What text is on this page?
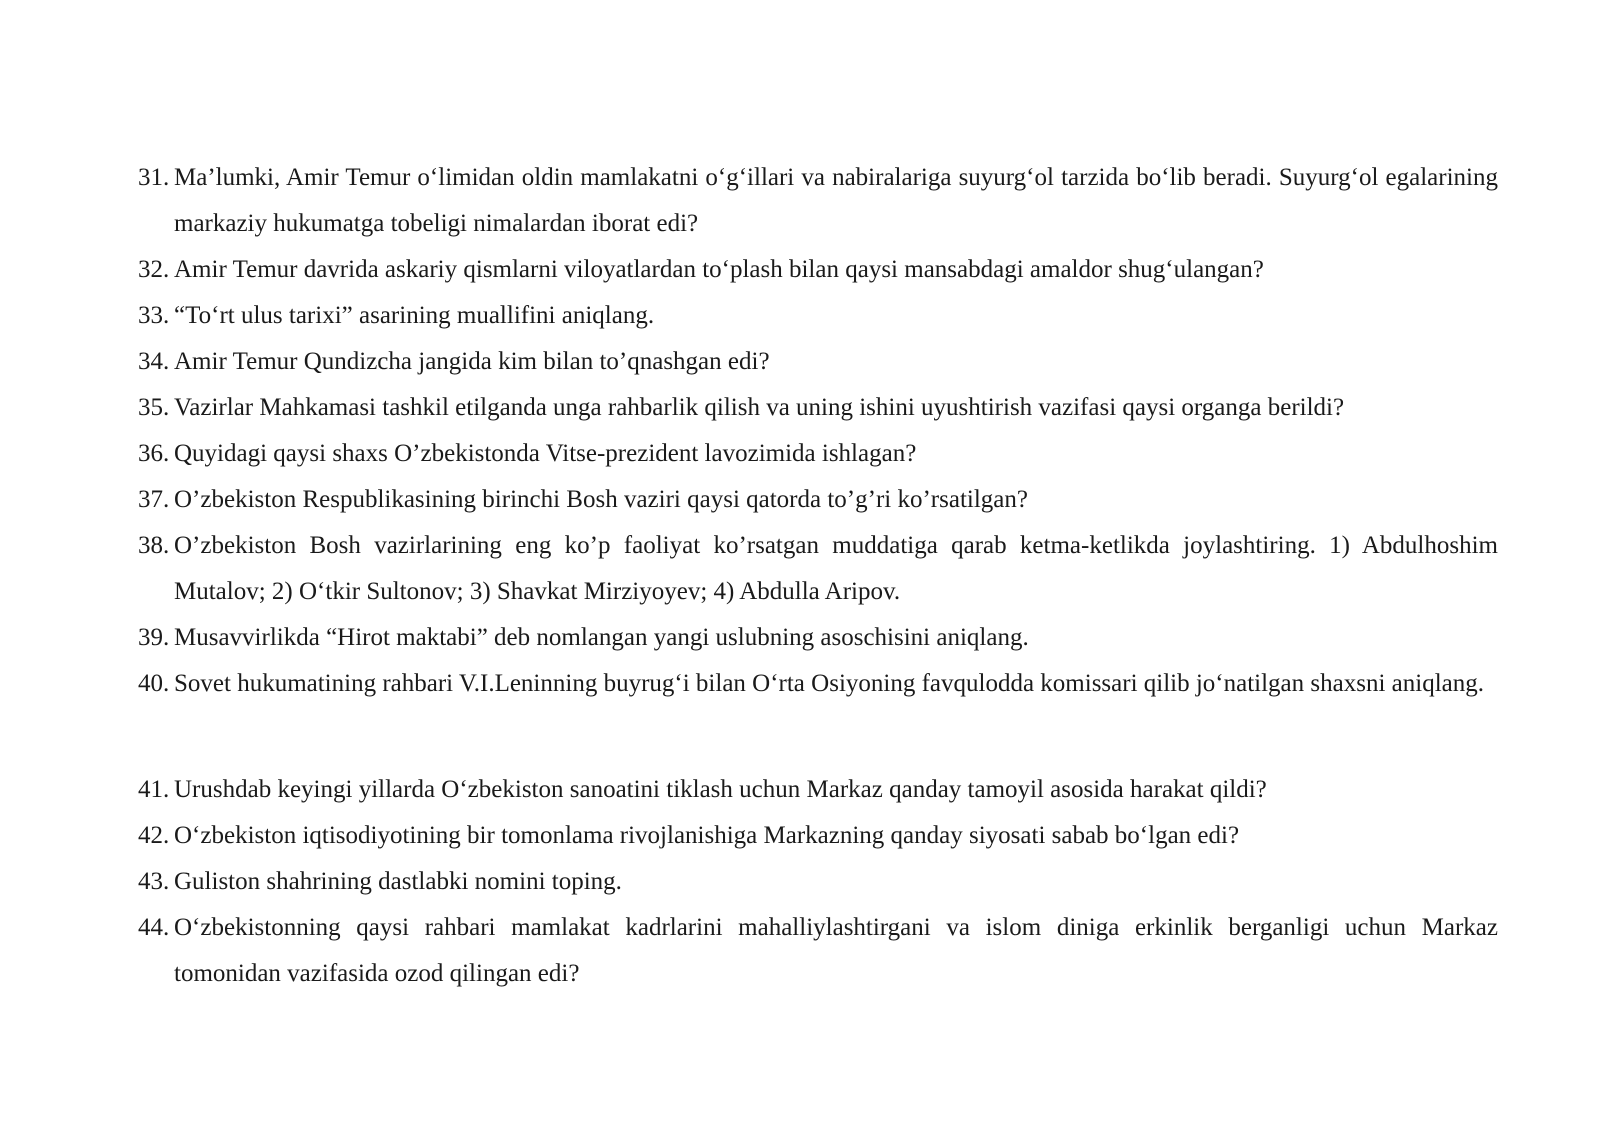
31. Ma’lumki, Amir Temur o‘limidan oldin mamlakatni o‘g‘illari va nabiralariga suyurg‘ol tarzida bo‘lib beradi. Suyurg‘ol egalarining markaziy hukumatga tobeligi nimalardan iborat edi?
32. Amir Temur davrida askariy qismlarni viloyatlardan to‘plash bilan qaysi mansabdagi amaldor shug‘ulangan?
33. “To‘rt ulus tarixi” asarining muallifini aniqlang.
34. Amir Temur Qundizcha jangida kim bilan to’qnashgan edi?
35. Vazirlar Mahkamasi tashkil etilganda unga rahbarlik qilish va uning ishini uyushtirish vazifasi qaysi organga berildi?
36. Quyidagi qaysi shaxs O’zbekistonda Vitse-prezident lavozimida ishlagan?
37. O’zbekiston Respublikasining birinchi Bosh vaziri qaysi qatorda to’g’ri ko’rsatilgan?
38. O’zbekiston Bosh vazirlarining eng ko’p faoliyat ko’rsatgan muddatiga qarab ketma-ketlikda joylashtiring. 1) Abdulhoshim Mutalov; 2) O‘tkir Sultonov; 3) Shavkat Mirziyoyev; 4) Abdulla Aripov.
39. Musavvirlikda “Hirot maktabi” deb nomlangan yangi uslubning asoschisini aniqlang.
40. Sovet hukumatining rahbari V.I.Leninning buyrug‘i bilan O‘rta Osiyoning favqulodda komissari qilib jo‘natilgan shaxsni aniqlang.
41. Urushdab keyingi yillarda O‘zbekiston sanoatini tiklash uchun Markaz qanday tamoyil asosida harakat qildi?
42. O‘zbekiston iqtisodiyotining bir tomonlama rivojlanishiga Markazning qanday siyosati sabab bo‘lgan edi?
43. Guliston shahrining dastlabki nomini toping.
44. O‘zbekistonning qaysi rahbari mamlakat kadrlarini mahalliylashtirgani va islom diniga erkinlik berganligi uchun Markaz tomonidan vazifasida ozod qilingan edi?
